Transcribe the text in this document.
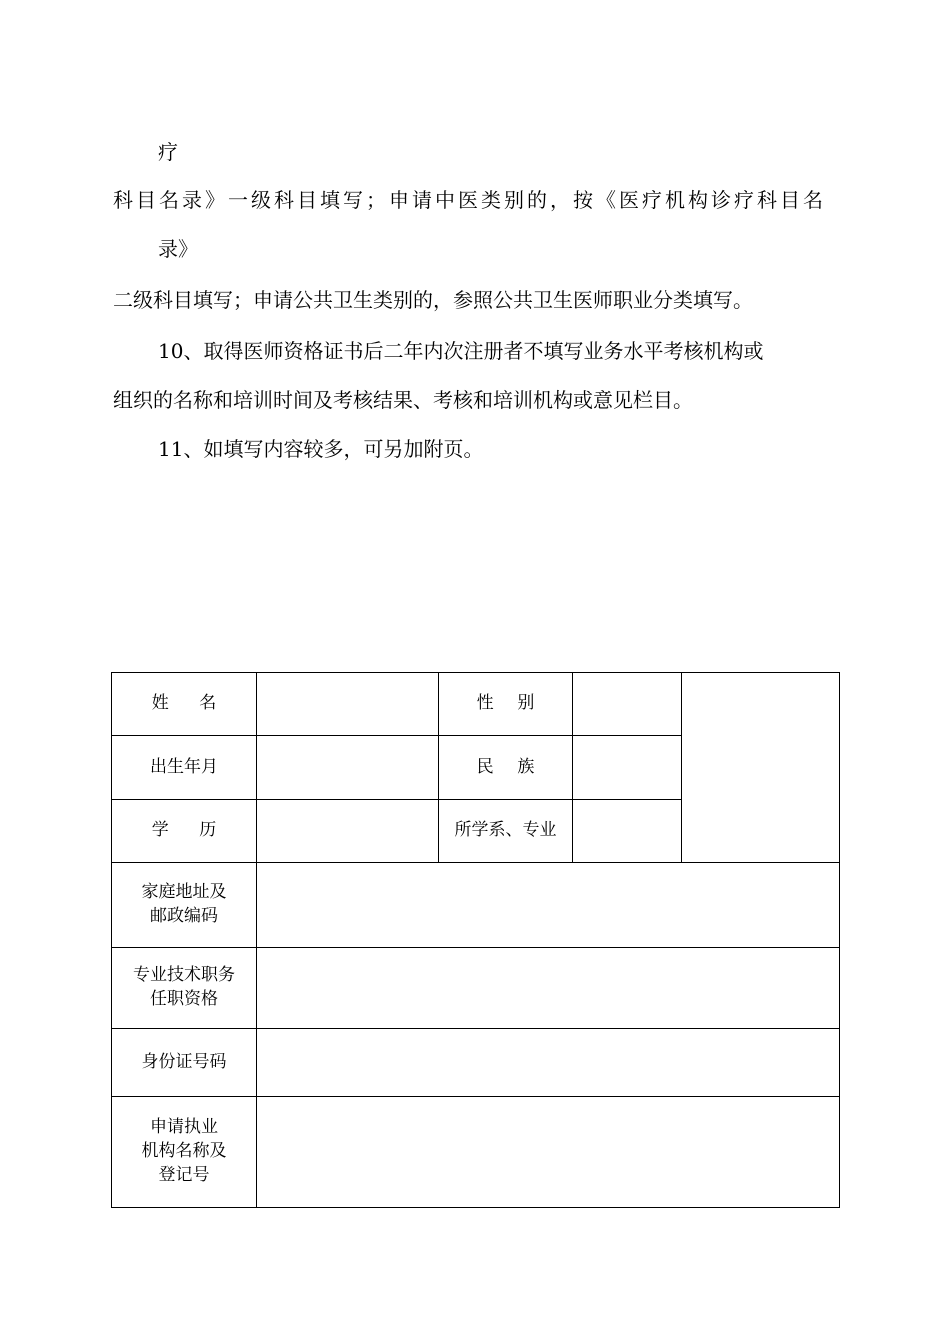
疗
科目名录》一级科目填写；申请中医类别的，按《医疗机构诊疗科目名
录》
二级科目填写；申请公共卫生类别的，参照公共卫生医师职业分类填写。
10、取得医师资格证书后二年内次注册者不填写业务水平考核机构或
组织的名称和培训时间及考核结果、考核和培训机构或意见栏目。
11、如填写内容较多，可另加附页。
姓名		性别		
出生年月		民族		
学历		所学系、专业		

家庭地址及
邮政编码				

专业技术职务
任职资格				

身份证号码				

申请执业
机构名称及
登记号				
